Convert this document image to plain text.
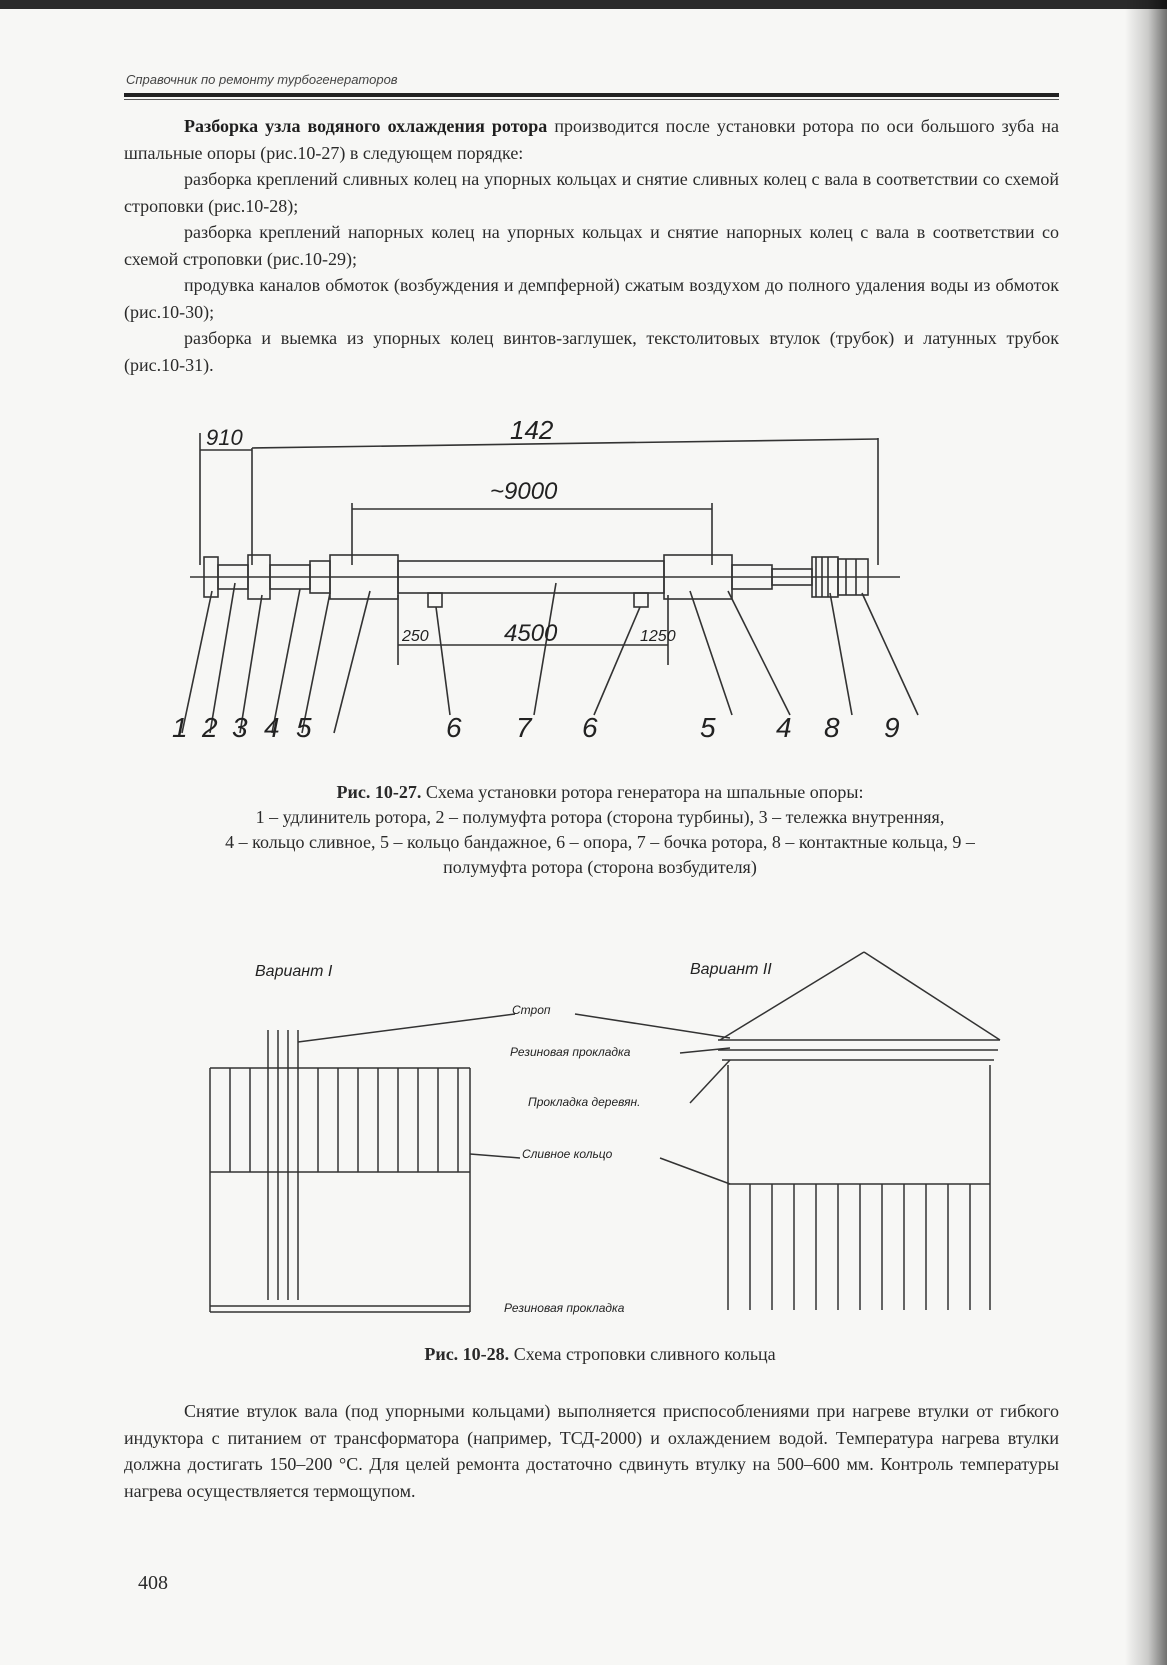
Справочник по ремонту турбогенераторов

Разборка узла водяного охлаждения ротора производится после установки ротора по оси большого зуба на шпальные опоры (рис.10-27) в следующем порядке:

разборка креплений сливных колец на упорных кольцах и снятие сливных колец с вала в соответствии со схемой строповки (рис.10-28);

разборка креплений напорных колец на упорных кольцах и снятие напорных колец с вала в соответствии со схемой строповки (рис.10-29);

продувка каналов обмоток (возбуждения и демпферной) сжатым воздухом до полного удаления воды из обмоток (рис.10-30);

разборка и выемка из упорных колец винтов-заглушек, текстолитовых втулок (трубок) и латунных трубок (рис.10-31).

910	142
~9000
250	4500	1250
1 2 3 4 5	6 7 6	5 4 8 9
Рис. 10-27. Схема установки ротора генератора на шпальные опоры:
1 – удлинитель ротора, 2 – полумуфта ротора (сторона турбины), 3 – тележка внутренняя,
4 – кольцо сливное, 5 – кольцо бандажное, 6 – опора, 7 – бочка ротора, 8 – контактные кольца, 9 – полумуфта ротора (сторона возбудителя)
Вариант I	Вариант II
Строп
Резиновая прокладка
Прокладка деревян.
Сливное кольцо
Резиновая прокладка
Рис. 10-28. Схема строповки сливного кольца

Снятие втулок вала (под упорными кольцами) выполняется приспособлениями при нагреве втулки от гибкого индуктора с питанием от трансформатора (например, ТСД-2000) и охлаждением водой. Температура нагрева втулки должна достигать 150–200 °С. Для целей ремонта достаточно сдвинуть втулку на 500–600 мм. Контроль температуры нагрева осуществляется термощупом.

408
